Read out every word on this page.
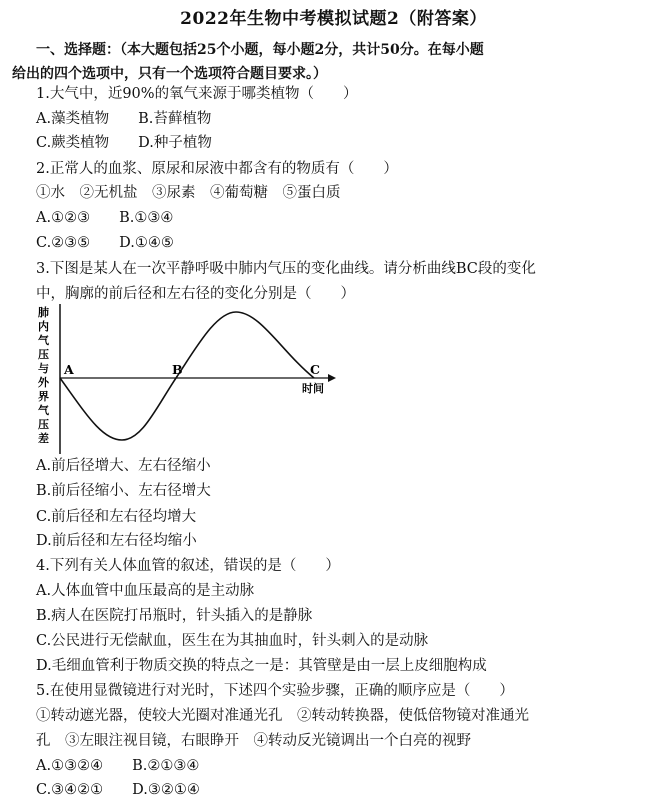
2022年生物中考模拟试题2（附答案）
一、选择题：（本大题包括25个小题，每小题2分，共计50分。在每小题
给出的四个选项中，只有一个选项符合题目要求。）
1.大气中，近90%的氧气来源于哪类植物（　　）
A.藻类植物　　B.苔藓植物
C.蕨类植物　　D.种子植物
2.正常人的血浆、原尿和尿液中都含有的物质有（　　）
①水　②无机盐　③尿素　④葡萄糖　⑤蛋白质
A.①②③　　B.①③④
C.②③⑤　　D.①④⑤
3.下图是某人在一次平静呼吸中肺内气压的变化曲线。请分析曲线BC段的变化
中，胸廓的前后径和左右径的变化分别是（　　）
肺
内
气
压
与
外
界
气
压
差
A	B	C
时间
A.前后径增大、左右径缩小
B.前后径缩小、左右径增大
C.前后径和左右径均增大
D.前后径和左右径均缩小
4.下列有关人体血管的叙述，错误的是（　　）
A.人体血管中血压最高的是主动脉
B.病人在医院打吊瓶时，针头插入的是静脉
C.公民进行无偿献血，医生在为其抽血时，针头刺入的是动脉
D.毛细血管利于物质交换的特点之一是：其管壁是由一层上皮细胞构成
5.在使用显微镜进行对光时，下述四个实验步骤，正确的顺序应是（　　）
①转动遮光器，使较大光圈对准通光孔　②转动转换器，使低倍物镜对准通光
孔　③左眼注视目镜，右眼睁开　④转动反光镜调出一个白亮的视野
A.①③②④　　B.②①③④
C.③④②①　　D.③②①④
